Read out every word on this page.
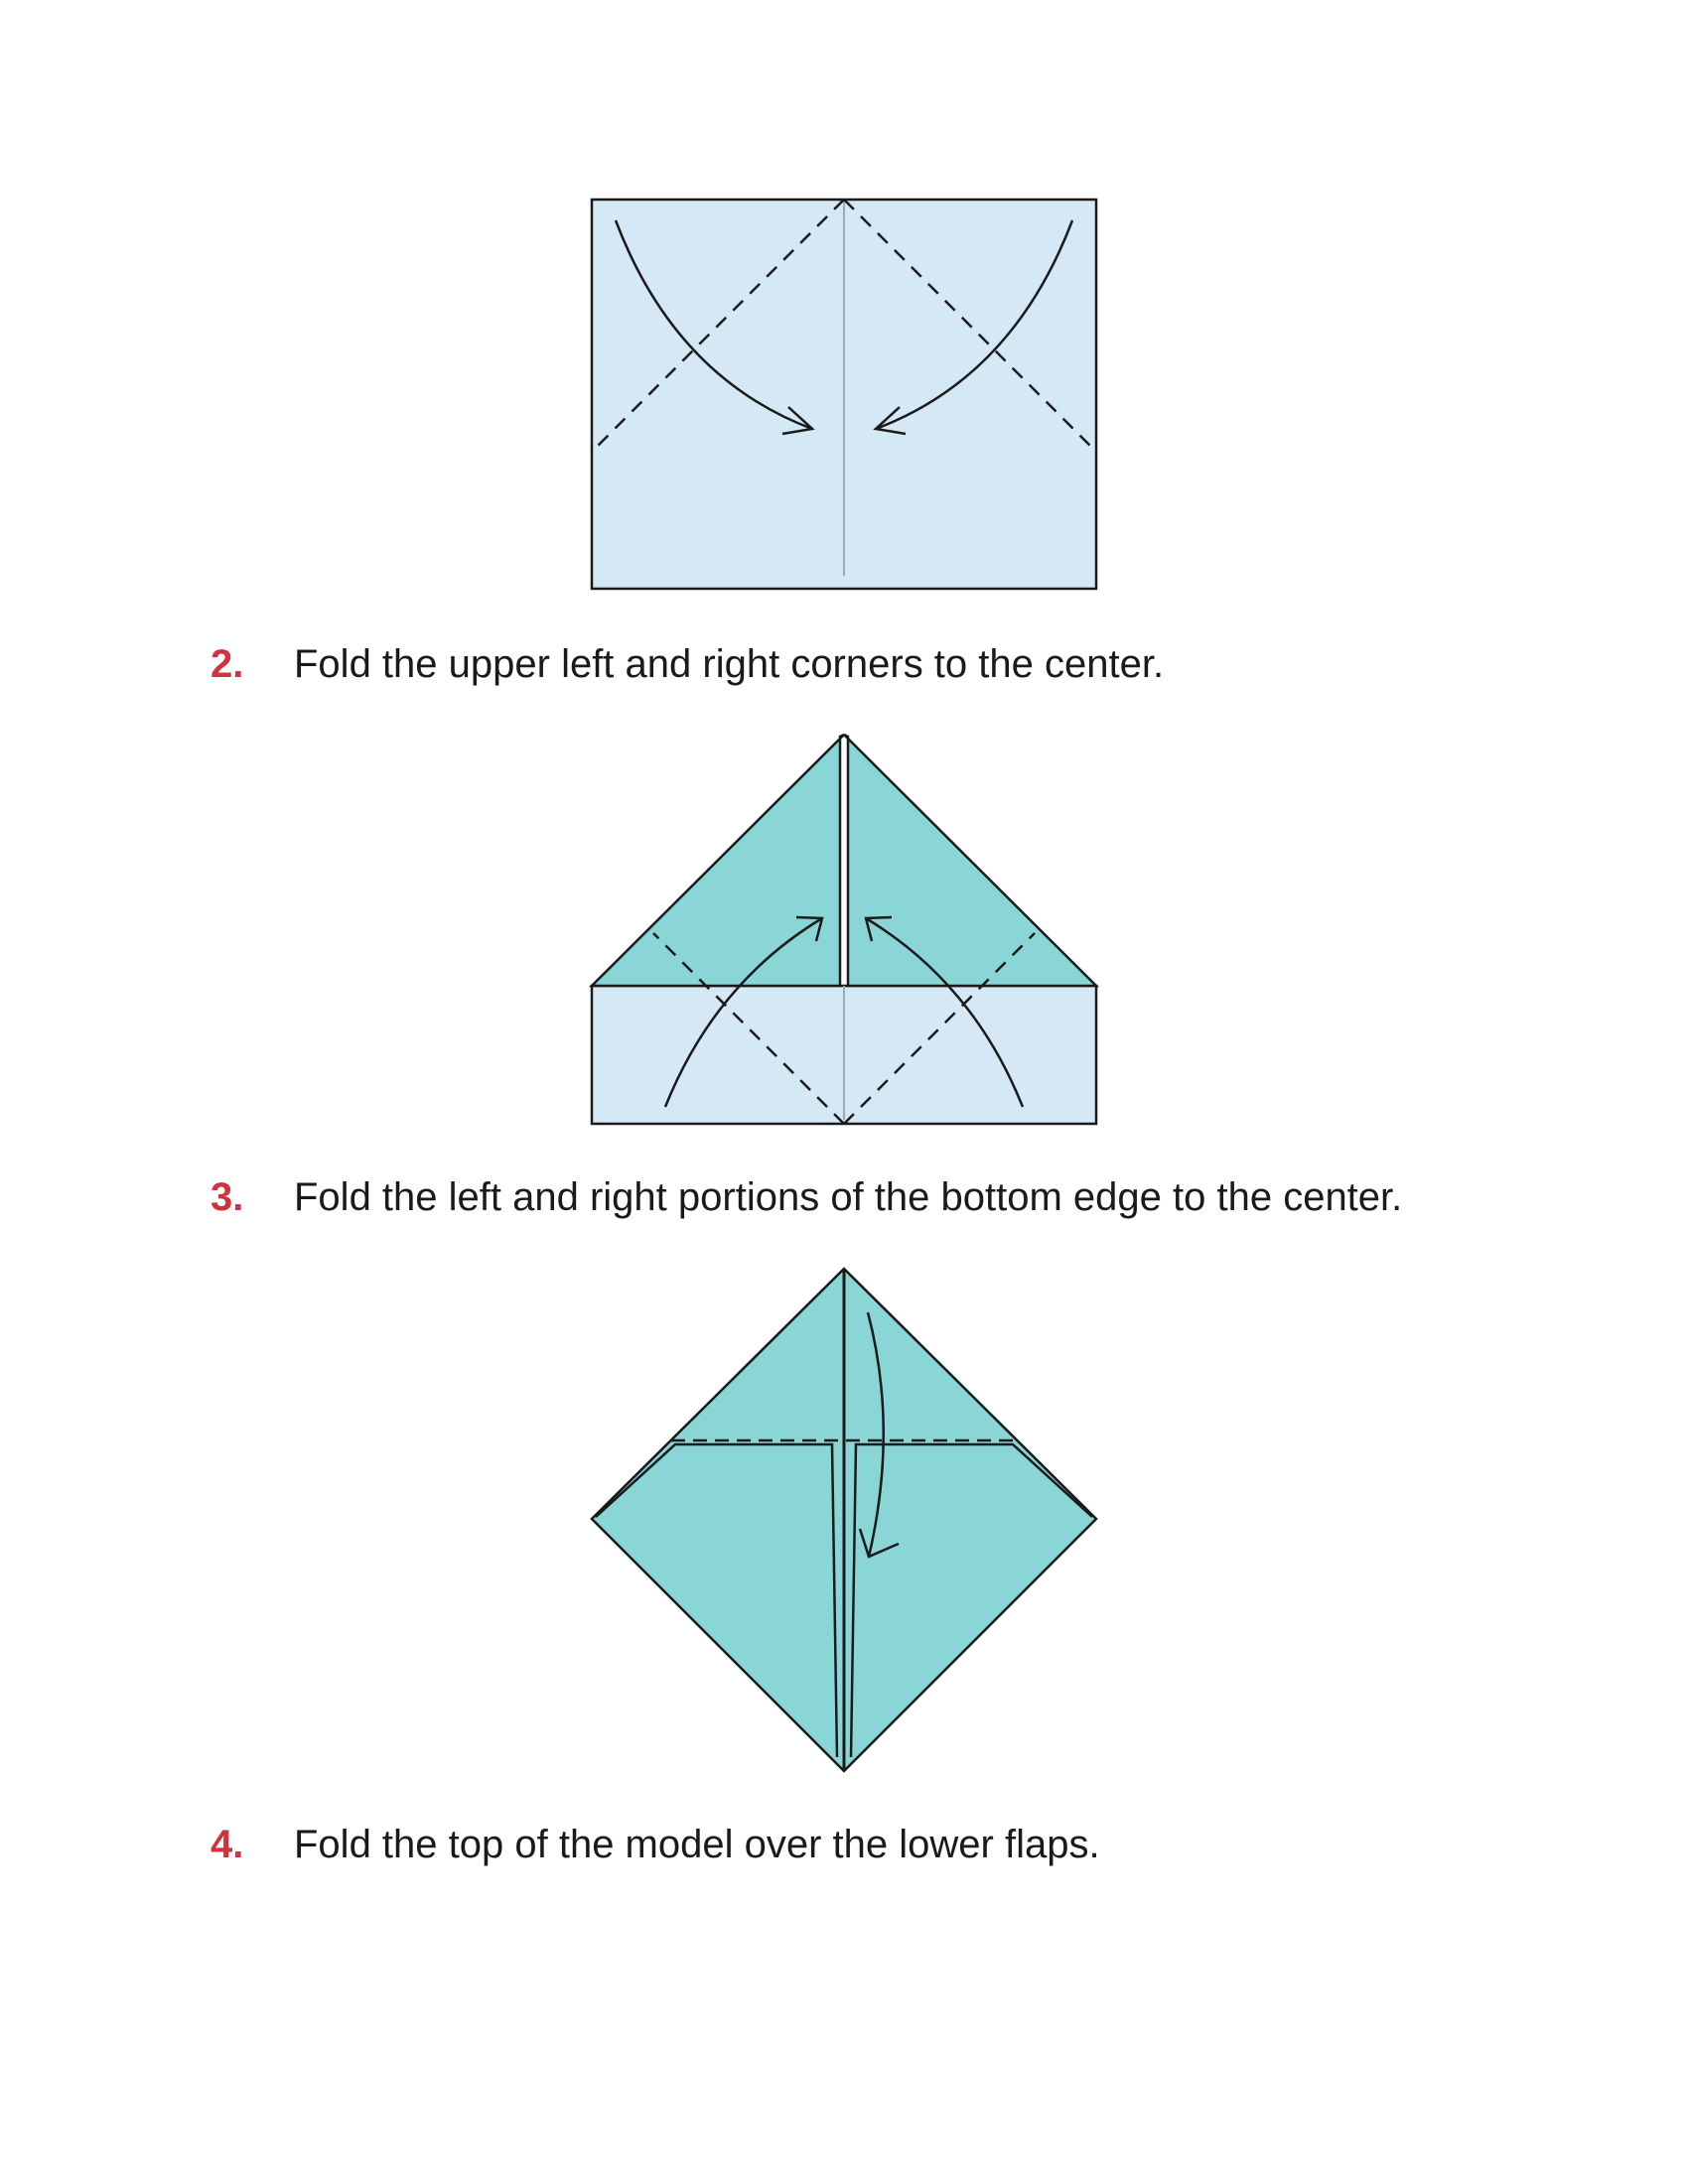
2.	Fold the upper left and right corners to the center.
3.	Fold the left and right portions of the bottom edge to the center.
4.	Fold the top of the model over the lower flaps.
